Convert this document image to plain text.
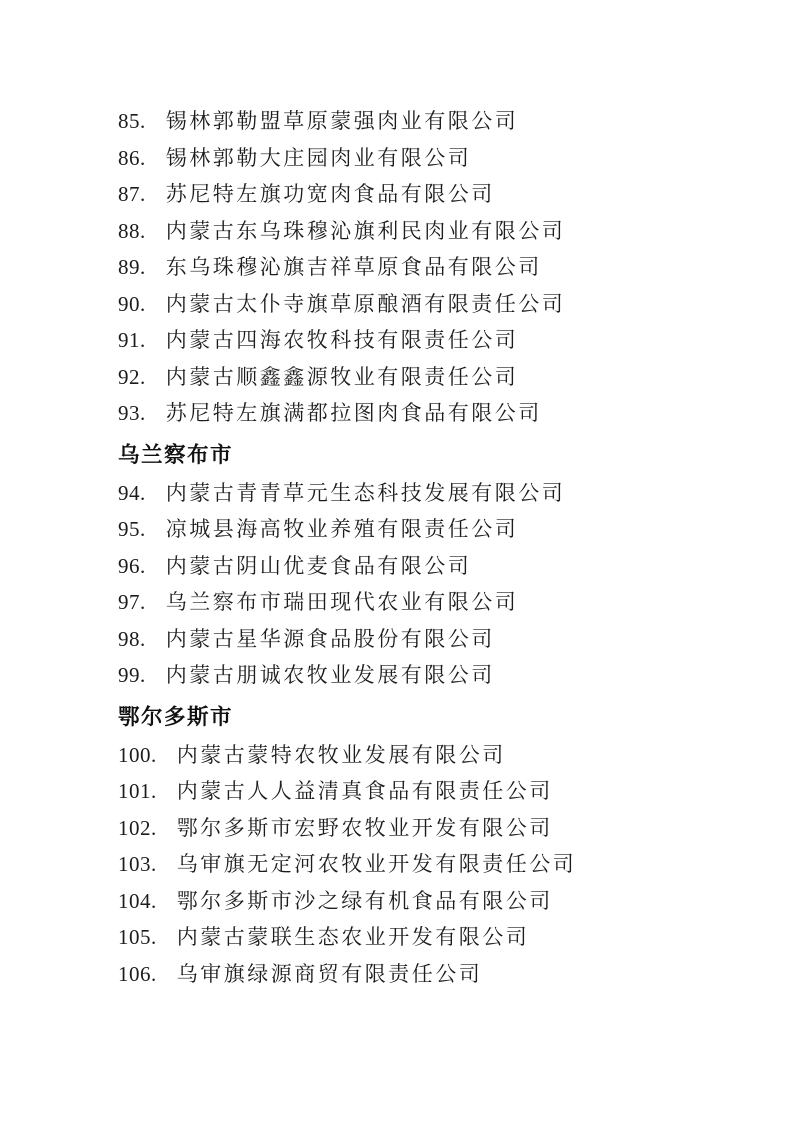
85. 锡林郭勒盟草原蒙强肉业有限公司
86. 锡林郭勒大庄园肉业有限公司
87. 苏尼特左旗功宽肉食品有限公司
88. 内蒙古东乌珠穆沁旗利民肉业有限公司
89. 东乌珠穆沁旗吉祥草原食品有限公司
90. 内蒙古太仆寺旗草原酿酒有限责任公司
91. 内蒙古四海农牧科技有限责任公司
92. 内蒙古顺鑫鑫源牧业有限责任公司
93. 苏尼特左旗满都拉图肉食品有限公司
乌兰察布市
94. 内蒙古青青草元生态科技发展有限公司
95. 凉城县海高牧业养殖有限责任公司
96. 内蒙古阴山优麦食品有限公司
97. 乌兰察布市瑞田现代农业有限公司
98. 内蒙古星华源食品股份有限公司
99. 内蒙古朋诚农牧业发展有限公司
鄂尔多斯市
100. 内蒙古蒙特农牧业发展有限公司
101. 内蒙古人人益清真食品有限责任公司
102. 鄂尔多斯市宏野农牧业开发有限公司
103. 乌审旗无定河农牧业开发有限责任公司
104. 鄂尔多斯市沙之绿有机食品有限公司
105. 内蒙古蒙联生态农业开发有限公司
106. 乌审旗绿源商贸有限责任公司
